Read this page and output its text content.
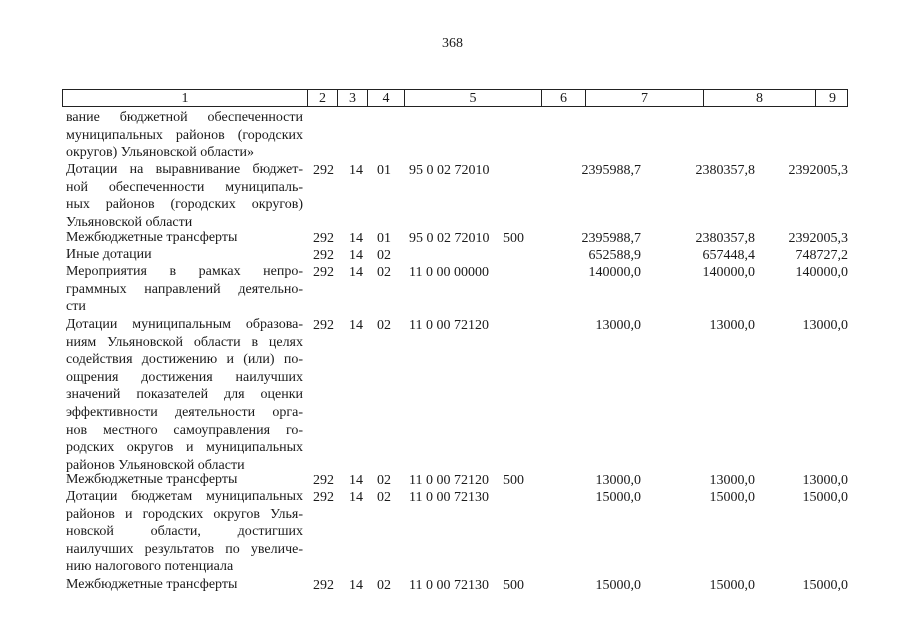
368
1	2	3	4	5	6	7	8	9
вание бюджетной обеспеченности
муниципальных районов (городских
округов) Ульяновской области»
Дотации на выравнивание бюджет-
ной обеспеченности муниципаль-
ных районов (городских округов)
Ульяновской области
292 14 01 95 0 02 72010	2395988,7	2380357,8	2392005,3
Межбюджетные трансферты	292 14 01 95 0 02 72010 500	2395988,7	2380357,8	2392005,3
Иные дотации	292 14 02	652588,9	657448,4	748727,2
Мероприятия в рамках непро-
граммных направлений деятельно-
сти
292 14 02 11 0 00 00000	140000,0	140000,0	140000,0
Дотации муниципальным образова-
ниям Ульяновской области в целях
содействия достижению и (или) по-
ощрения достижения наилучших
значений показателей для оценки
эффективности деятельности орга-
нов местного самоуправления го-
родских округов и муниципальных
районов Ульяновской области
292 14 02 11 0 00 72120	13000,0	13000,0	13000,0
Межбюджетные трансферты	292 14 02 11 0 00 72120 500	13000,0	13000,0	13000,0
Дотации бюджетам муниципальных
районов и городских округов Улья-
новской области, достигших
наилучших результатов по увеличе-
нию налогового потенциала
292 14 02 11 0 00 72130	15000,0	15000,0	15000,0
Межбюджетные трансферты	292 14 02 11 0 00 72130 500	15000,0	15000,0	15000,0
